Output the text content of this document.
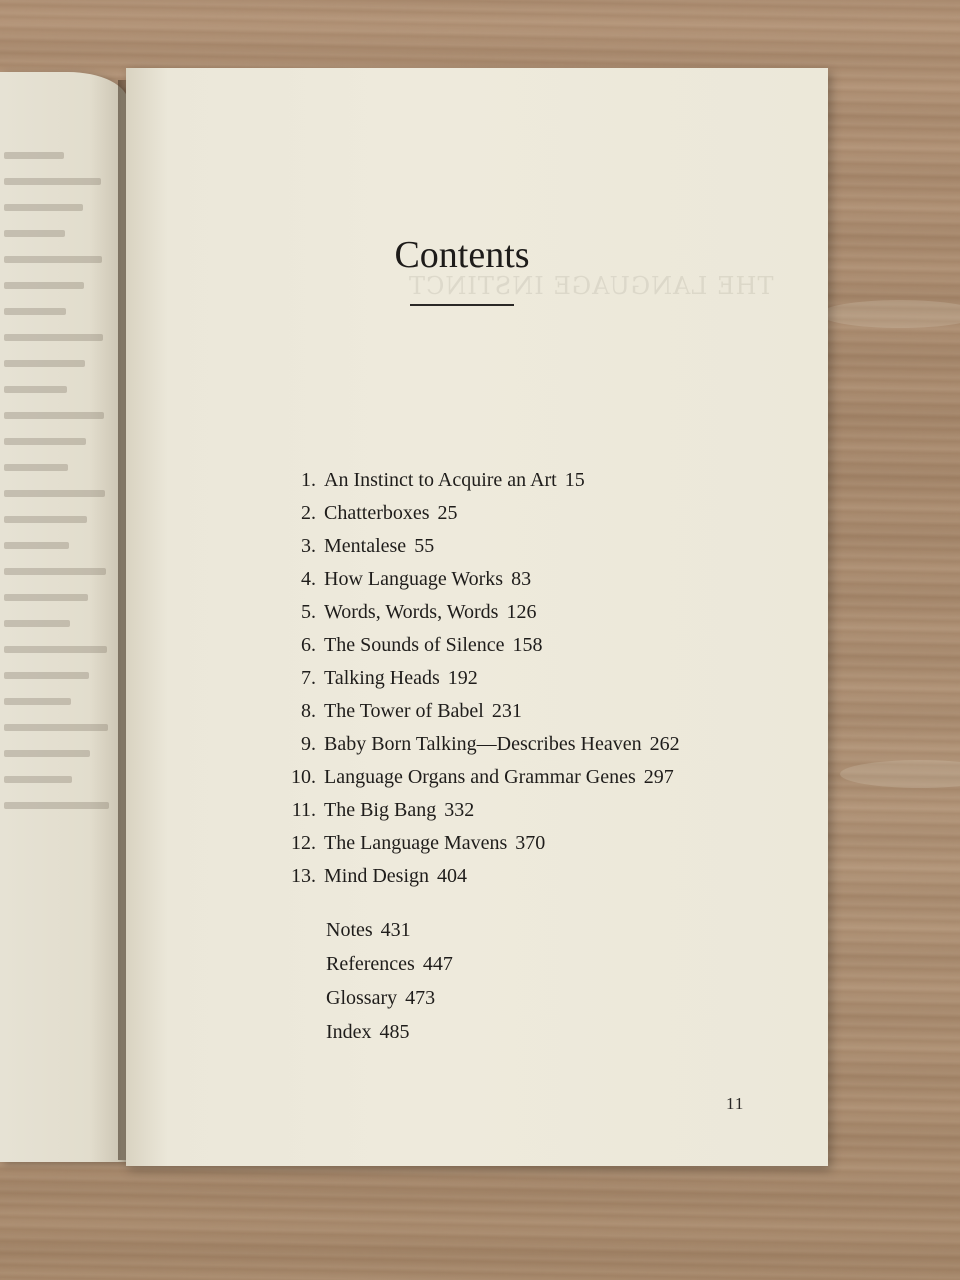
THE LANGUAGE INSTINCT
Contents
1. An Instinct to Acquire an Art 15
2. Chatterboxes 25
3. Mentalese 55
4. How Language Works 83
5. Words, Words, Words 126
6. The Sounds of Silence 158
7. Talking Heads 192
8. The Tower of Babel 231
9. Baby Born Talking—Describes Heaven 262
10. Language Organs and Grammar Genes 297
11. The Big Bang 332
12. The Language Mavens 370
13. Mind Design 404
Notes 431
References 447
Glossary 473
Index 485
11
